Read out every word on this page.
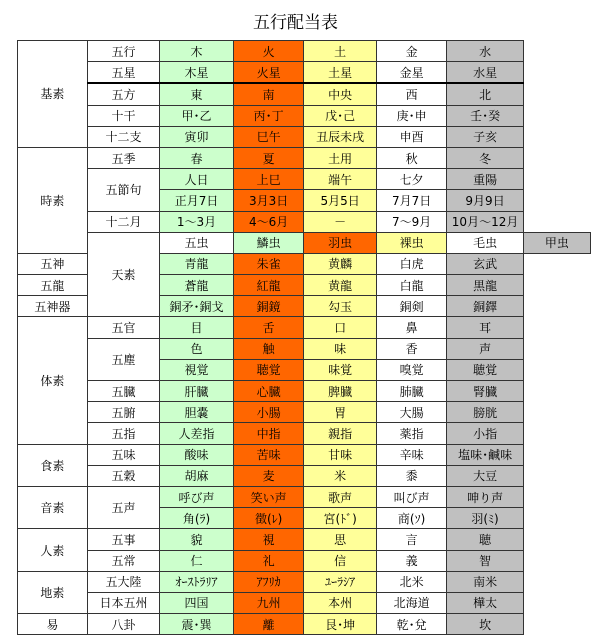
五行配当表
基素	五行	木	火	土	金	水	
	五星	木星	火星	土星	金星	水星	
	五方	東	南	中央	西	北	
	十干	甲･乙	丙･丁	戊･己	庚･申	壬･癸	
	十二支	寅卯	巳午	丑辰未戌	申酉	子亥	
時素	五季	春	夏	土用	秋	冬	
	五節句	人日	上巳	端午	七夕	重陽	
		正月7日	3月3日	5月5日	7月7日	9月9日	
	十二月	1～3月	4～6月	－	7～9月	10月～12月	
	天素	五虫	鱗虫	羽虫	裸虫	毛虫	甲虫
五神		青龍	朱雀	黄麟	白虎	玄武	
五龍		蒼龍	紅龍	黄龍	白龍	黒龍	
五神器		銅矛･銅戈	銅鏡	勾玉	銅剣	銅鐸	
体素	五官	目	舌	口	鼻	耳	
	五塵	色	触	味	香	声	
		視覚	聴覚	味覚	嗅覚	聴覚	
	五臓	肝臓	心臓	脾臓	肺臓	腎臓	
	五腑	胆嚢	小腸	胃	大腸	膀胱	
	五指	人差指	中指	親指	薬指	小指	
食素	五味	酸味	苦味	甘味	辛味	塩味･鹹味	
	五穀	胡麻	麦	米	黍	大豆	
音素	五声	呼び声	笑い声	歌声	叫び声	呻り声	
		角(ﾗ)	徴(ﾚ)	宮(ﾄﾞ)	商(ｿ)	羽(ﾐ)	
人素	五事	貌	視	思	言	聴	
	五常	仁	礼	信	義	智	
地素	五大陸	ｵｰｽﾄﾗﾘｱ	ｱﾌﾘｶ	ﾕｰﾗｼｱ	北米	南米	
	日本五州	四国	九州	本州	北海道	樺太	
易	八卦	震･巽	離	艮･坤	乾･兌	坎	
